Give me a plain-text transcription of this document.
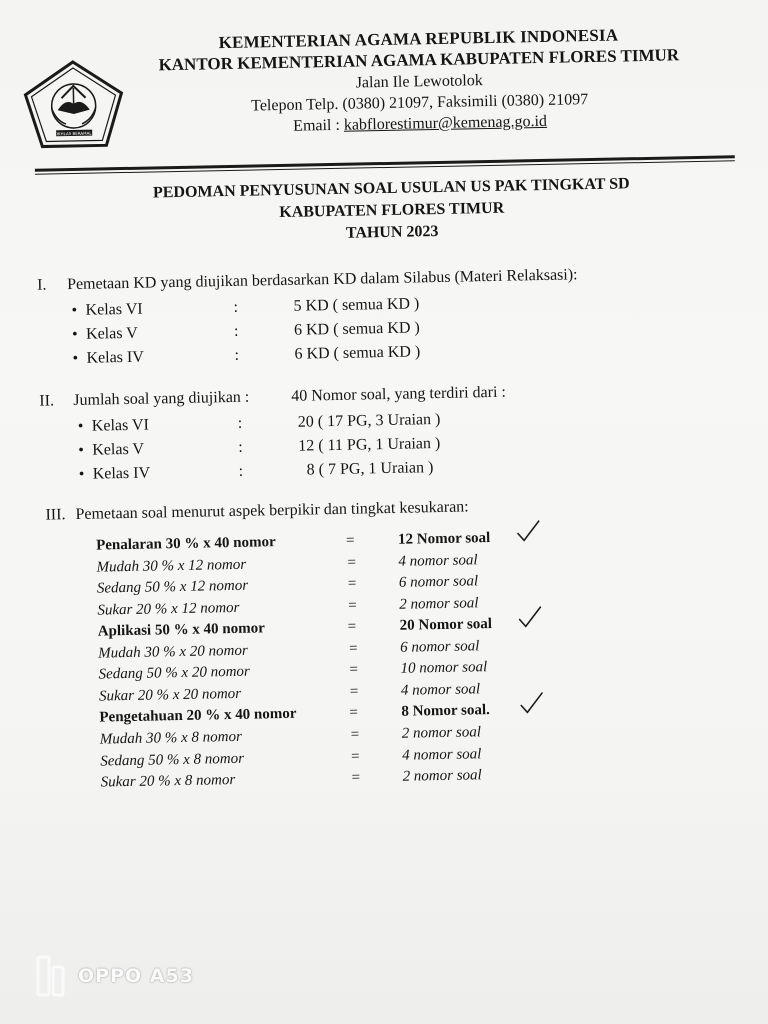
IKHLAS BERAMAL
KEMENTERIAN AGAMA REPUBLIK INDONESIA
KANTOR KEMENTERIAN AGAMA KABUPATEN FLORES TIMUR
Jalan Ile Lewotolok
Telepon Telp. (0380) 21097, Faksimili (0380) 21097
Email : kabflorestimur@kemenag.go.id
PEDOMAN PENYUSUNAN SOAL USULAN US PAK TINGKAT SD
KABUPATEN FLORES TIMUR
TAHUN 2023
I. Pemetaan KD yang diujikan berdasarkan KD dalam Silabus (Materi Relaksasi):
• Kelas VI	:	5 KD ( semua KD )
• Kelas V	:	6 KD ( semua KD )
• Kelas IV	:	6 KD ( semua KD )
II. Jumlah soal yang diujikan :	40 Nomor soal, yang terdiri dari :
• Kelas VI	:	20 ( 17 PG, 3 Uraian )
• Kelas V	:	12 ( 11 PG, 1 Uraian )
• Kelas IV	:	8 ( 7 PG, 1 Uraian )
III. Pemetaan soal menurut aspek berpikir dan tingkat kesukaran:
Penalaran 30 % x 40 nomor	=	12 Nomor soal
Mudah 30 % x 12 nomor	=	4 nomor soal
Sedang 50 % x 12 nomor	=	6 nomor soal
Sukar 20 % x 12 nomor	=	2 nomor soal
Aplikasi 50 % x 40 nomor	=	20 Nomor soal
Mudah 30 % x 20 nomor	=	6 nomor soal
Sedang 50 % x 20 nomor	=	10 nomor soal
Sukar 20 % x 20 nomor	=	4 nomor soal
Pengetahuan 20 % x 40 nomor	=	8 Nomor soal.
Mudah 30 % x 8 nomor	=	2 nomor soal
Sedang 50 % x 8 nomor	=	4 nomor soal
Sukar 20 % x 8 nomor	=	2 nomor soal
OPPO A53
